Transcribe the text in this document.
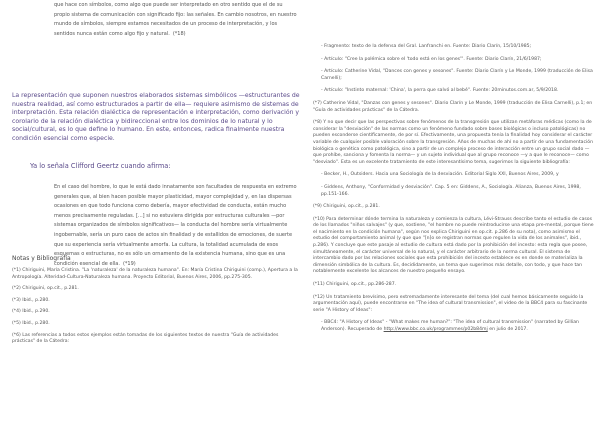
que hace con símbolos, como algo que puede ser interpretado en otro sentido que el de su propio sistema de comunicación con significado fijo: las señales. En cambio nosotros, en nuestro mundo de símbolos, siempre estamos necesitados de un proceso de interpretación, y los sentidos nunca están como algo fijo y natural. (*18)

La representación que suponen nuestros elaborados sistemas simbólicos —estructurantes de nuestra realidad, así como estructurados a partir de ella— requiere asimismo de sistemas de interpretación. Esta relación dialéctica de representación e interpretación, como derivación y corolario de la relación dialéctica y bidireccional entre los dominios de lo natural y lo social/cultural, es lo que define lo humano. En este, entonces, radica finalmente nuestra condición esencial como especie.

Ya lo señala Clifford Geertz cuando afirma:

En el caso del hombre, lo que le está dado innatamente son facultades de respuesta en extremo generales que, al bien hacen posible mayor plasticidad, mayor complejidad y, en las dispersas ocasiones en que todo funciona como debería, mayor efectividad de conducta, están mucho menos precisamente reguladas. [...] si no estuviera dirigida por estructuras culturales —por sistemas organizados de símbolos significativos— la conducta del hombre sería virtualmente ingobernable, sería un puro caos de actos sin finalidad y de estallidos de emociones, de suerte que su experiencia sería virtualmente amorfa. La cultura, la totalidad acumulada de esos esquemas o estructuras, no es sólo un ornamento de la existencia humana, sino que es una condición esencial de ella. (*19)

Notas y Bibliografía

(*1) Chiriguini, María Cristina. "La 'naturaleza' de la naturaleza humana". En: María Cristina Chiriguini (comp.), Apertura a la Antropología. Alteridad-Cultura-Naturaleza humana. Proyecto Editorial, Buenos Aires, 2006, pp.275-305.

(*2) Chiriguini, op.cit., p.281.

(*3) Ibid., p.280.

(*4) Ibid., p.290.

(*5) Ibid., p.280.

(*6) Las referencias a todos estos ejemplos están tomadas de los siguientes textos de nuestra "Guía de actividades prácticas" de la Cátedra:

- Fragmento: texto de la defensa del Gral. Lanfranchi en. Fuente: Diario Clarín, 15/10/1985;

- Artículo: "Cree la polémica sobre el 'todo está en los genes'". Fuente: Diario Clarín, 21/6/1987;

- Artículo: Catherine Vidal, "Dances con genes y sesones". Fuente: Diario Clarín y Le Monde, 1999 (traducción de Elisa Carnelli);

- Artículo: "Instinto maternal: 'China', la perra que salvó al bebé". Fuente: 20minutos.com.ar, 5/9/2018.

(*7) Catherine Vidal, "Danzas con genes y sesones". Diario Clarín y Le Monde, 1999 (traducción de Elisa Carnelli), p.1; en "Guía de actividades prácticas" de la Cátedra.

(*8) Y no que decir que las perspectivas sobre fenómenos de la transgresión que utilizan metáforas médicas (como la de considerar la "desviación" de las normas como un fenómeno fundado sobre bases biológicas o incluso patológicas) no pueden esconderse científicamente, de por sí. Efectivamente, una propuesta tenía la finalidad hoy considerar el carácter variable de cualquier posible valoración sobre la transgresión. Años de muchas de ahí no a partir de una fundamentación biológica o genética como patológica, sino a partir de un complejo proceso de interacción entre un grupo social dado —que prohíbe, sanciona y fomenta la norma— y un sujeto individual que al grupo reconoce —y a que le reconoce— como "desviado". Esta es un excelente tratamiento de este interesantísimo tema, sugerimos la siguiente bibliografía:

- Becker, H., Outsiders. Hacia una Sociología de la desviación. Editorial Siglo XXI, Buenos Aires, 2009, y

- Giddens, Anthony, "Conformidad y desviación". Cap. 5 en: Giddens, A., Sociología. Alianza, Buenos Aires, 1998, pp.151-166.

(*9) Chiriguini, op.cit., p.281.

(*10) Para determinar dónde termina la naturaleza y comienza la cultura, Lévi-Strauss describe tanto el estudio de casos de los llamados "niños salvajes" (y que, sostiene, "el hombre no puede reintroducirse una etapa pre-mental, porque tiene el nacimiento en la condición humana", según nos explica Chiriguini en op.cit. p.286 de su nota), como asimismo el estudio del comportamiento animal (y que que "[n]o se registran normas que regulen la vida de los animales", ibid., p.286). Y concluye que este pasaje al estudio de cultura está dado por la prohibición del incesto: esta regla que posee, simultáneamente, el carácter universal de lo natural, y el carácter arbitrario de la norma cultural. El sistema de intercambio dado por las relaciones sociales que esta prohibición del incesto establece es en donde se materializa la dimensión simbólica de la cultura. Es, decididamente, un tema que sugerimos más detalle, con todo, y que hace tan notablemente excelente los alcances de nuestro pequeño ensayo.

(*11) Chiriguini, op.cit., pp.286-287.

(*12) Un tratamiento brevísimo, pero extremadamente interesante del tema (del cual hemos básicamente seguido la argumentación aquí), puede encontrarse en "The idea of cultural transmission", el video de la BBC4 para su fascinante serie "A History of Ideas":

- BBC4: "A History of Ideas" - "What makes me human?": "The idea of cultural transmission" (narrated by Gillian Anderson). Recuperado de http://www.bbc.co.uk/programmes/p02b84mj en julio de 2017.
